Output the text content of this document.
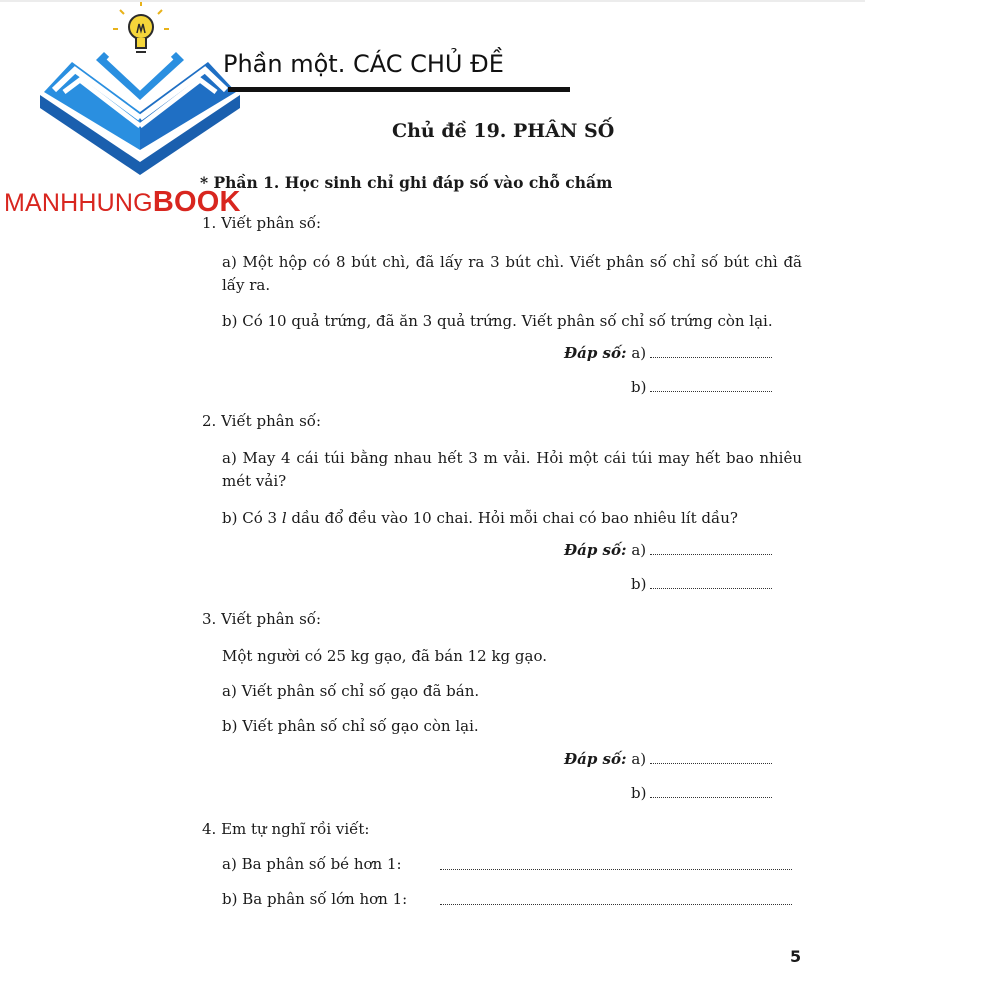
MANHHUNGBOOK
Phần một. CÁC CHỦ ĐỀ
Chủ đề 19. PHÂN SỐ
* Phần 1. Học sinh chỉ ghi đáp số vào chỗ chấm
1. Viết phân số:
a) Một hộp có 8 bút chì, đã lấy ra 3 bút chì. Viết phân số chỉ số bút chì đã lấy ra.
b) Có 10 quả trứng, đã ăn 3 quả trứng. Viết phân số chỉ số trứng còn lại.
Đáp số: a)
b)
2. Viết phân số:
a) May 4 cái túi bằng nhau hết 3 m vải. Hỏi một cái túi may hết bao nhiêu mét vải?
b) Có 3 l dầu đổ đều vào 10 chai. Hỏi mỗi chai có bao nhiêu lít dầu?
Đáp số: a)
b)
3. Viết phân số:
Một người có 25 kg gạo, đã bán 12 kg gạo.
a) Viết phân số chỉ số gạo đã bán.
b) Viết phân số chỉ số gạo còn lại.
Đáp số: a)
b)
4. Em tự nghĩ rồi viết:
a) Ba phân số bé hơn 1:
b) Ba phân số lớn hơn 1:
5
